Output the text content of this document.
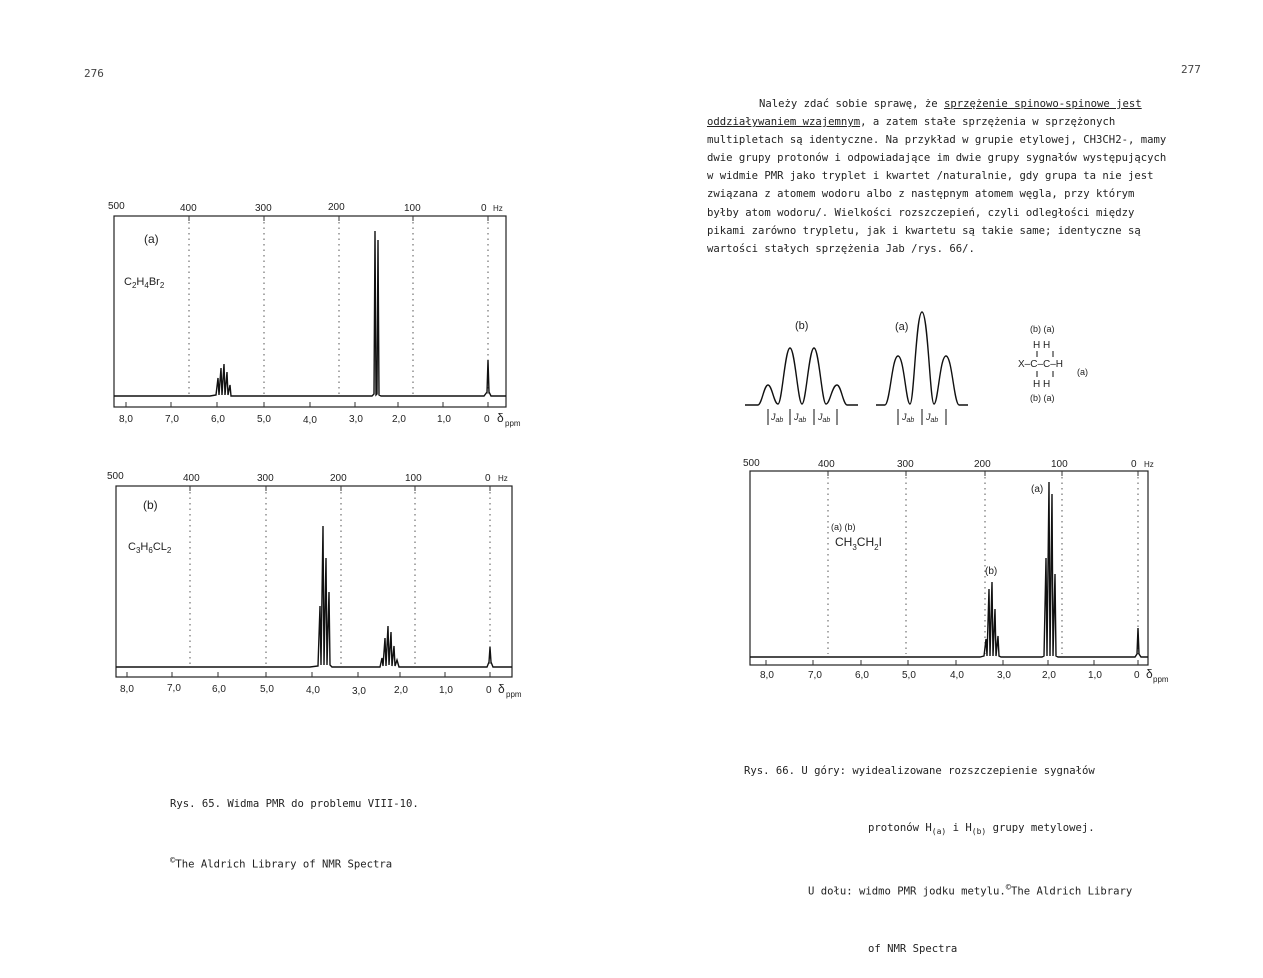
276
500	400	300	200	100	0 Hz
(a)
$C_2H_4Br_2$
8,0	7,0	6,0	5,0	4,0	3,0	2,0	1,0	0 δ ppm
500	400	300	200	100	0 Hz
(b)
$C_3H_6CL_2$
8,0	7,0	6,0	5,0	4,0	3,0	2,0	1,0	0 δ ppm

Rys. 65. Widma PMR do problemu VIII-10.

©The Aldrich Library of NMR Spectra

277
Należy zdać sobie sprawę, że sprzężenie spinowo-spinowe jest
oddziaływaniem wzajemnym, a zatem stałe sprzężenia w sprzężonych
multipletach są identyczne. Na przykład w grupie etylowej, CH3CH2-, mamy
dwie grupy protonów i odpowiadające im dwie grupy sygnałów występujących
w widmie PMR jako tryplet i kwartet /naturalnie, gdy grupa ta nie jest
związana z atomem wodoru albo z następnym atomem węgla, przy którym
byłby atom wodoru/. Wielkości rozszczepień, czyli odległości między
pikami zarówno trypletu, jak i kwartetu są takie same; identyczne są
wartości stałych sprzężenia Jab /rys. 66/.
(b)	(a)
$J_{ab}$ $J_{ab}$ $J_{ab}$	$J_{ab}$ $J_{ab}$
(b) (a)
H H
X–C–C–H
(a)
H H
(b) (a)
500	400	300	200	100	0 Hz
(a) (b)
$CH_3CH_2I$
(a)
(b)
8,0	7,0	6,0	5,0	4,0	3,0	2,0	1,0	0 δ ppm

Rys. 66. U góry: wyidealizowane rozszczepienie sygnałów

protonów $H_{(a)}$ i $H_{(b)}$ grupy metylowej.

U dołu: widmo PMR jodku metylu.©The Aldrich Library

of NMR Spectra
